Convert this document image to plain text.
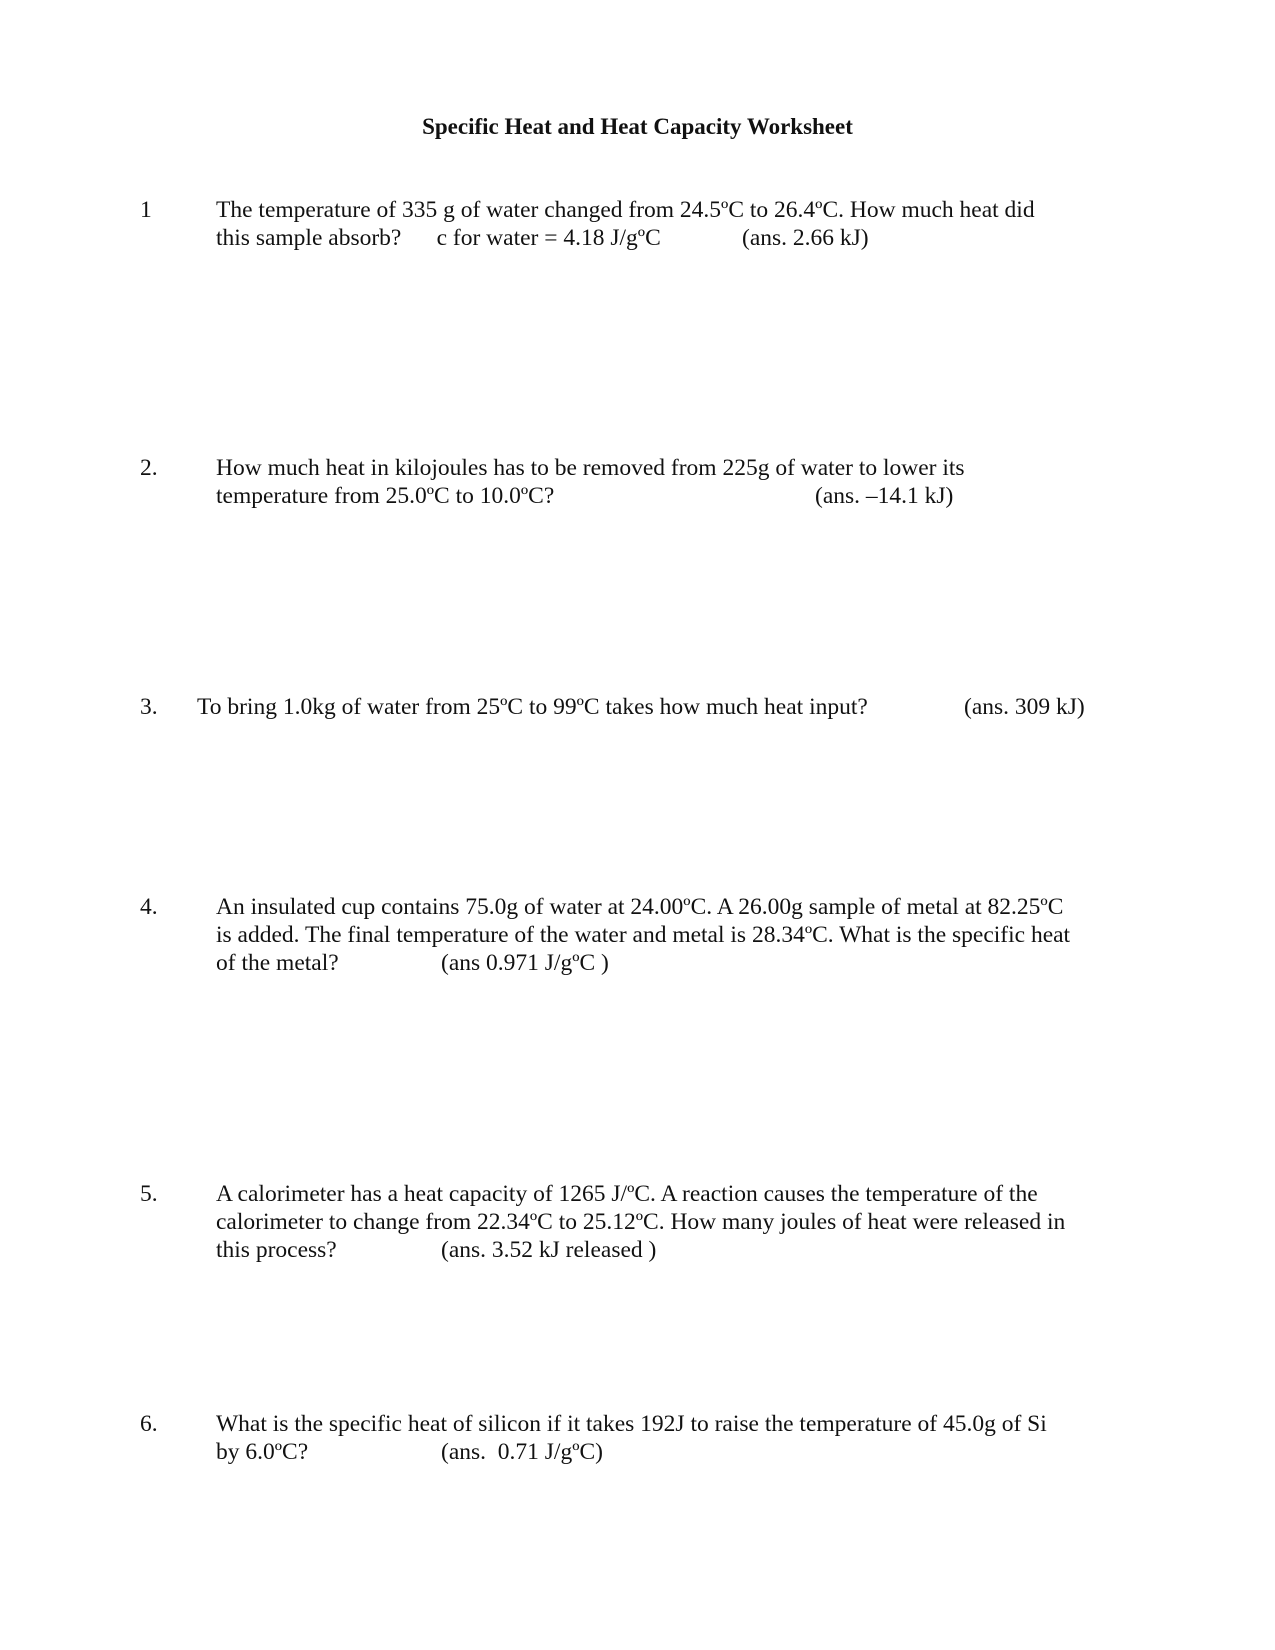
Specific Heat and Heat Capacity Worksheet
1	The temperature of 335 g of water changed from 24.5ºC to 26.4ºC. How much heat did
this sample absorb?      c for water = 4.18 J/gºC	(ans. 2.66 kJ)
2. How much heat in kilojoules has to be removed from 225g of water to lower its
temperature from 25.0ºC to 10.0ºC?	(ans. –14.1 kJ)
3. To bring 1.0kg of water from 25ºC to 99ºC takes how much heat input?	(ans. 309 kJ)
4. An insulated cup contains 75.0g of water at 24.00ºC. A 26.00g sample of metal at 82.25ºC
is added. The final temperature of the water and metal is 28.34ºC. What is the specific heat
of the metal?	(ans 0.971 J/gºC )
5. A calorimeter has a heat capacity of 1265 J/ºC. A reaction causes the temperature of the
calorimeter to change from 22.34ºC to 25.12ºC. How many joules of heat were released in
this process?	(ans. 3.52 kJ released )
6. What is the specific heat of silicon if it takes 192J to raise the temperature of 45.0g of Si
by 6.0ºC?	(ans.  0.71 J/gºC)
